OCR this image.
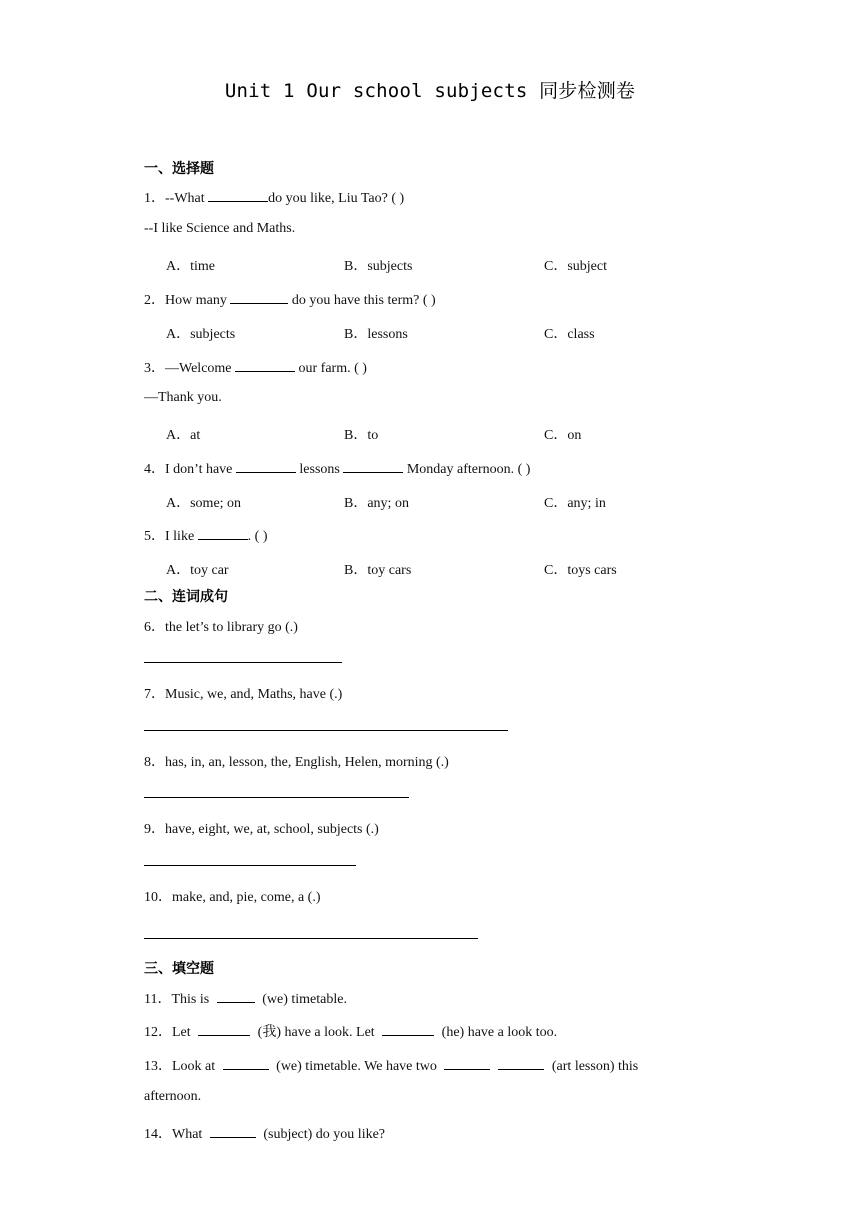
Unit 1 Our school subjects 同步检测卷
一、选择题
1．--What	do you like, Liu Tao? ( )
--I like Science and Maths.
A．time	B．subjects	C．subject
2．How many	do you have this term? ( )
A．subjects	B．lessons	C．class
3．—Welcome	our farm. ( )
—Thank you.
A．at	B．to	C．on
4．I don’t have	lessons	Monday afternoon. ( )
A．some; on	B．any; on	C．any; in
5．I like	. ( )
A．toy car	B．toy cars	C．toys cars
二、连词成句
6．the let’s to library go (.)
7．Music, we, and, Maths, have (.)
8．has, in, an, lesson, the, English, Helen, morning (.)
9．have, eight, we, at, school, subjects (.)
10．make, and, pie, come, a (.)
三、填空题
11．This is	(we) timetable.
12．Let	(我) have a look. Let	(he) have a look too.
13．Look at	(we) timetable. We have two	(art lesson) this
afternoon.
14．What	(subject) do you like?
